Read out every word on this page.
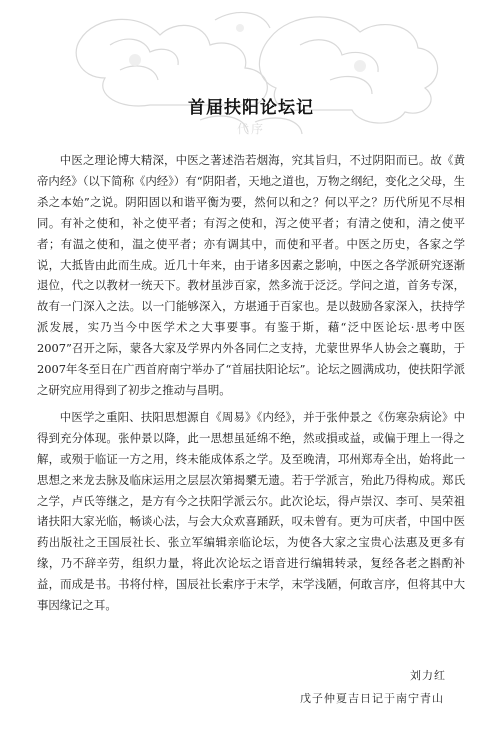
首届扶阳论坛记
代序

中医之理论博大精深，中医之著述浩若烟海，究其旨归，不过阴阳而已。故《黄帝内经》（以下简称《内经》）有“阴阳者，天地之道也，万物之纲纪，变化之父母，生杀之本始”之说。阴阳固以和谐平衡为要，然何以和之？何以平之？历代所见不尽相同。有补之使和，补之使平者；有泻之使和，泻之使平者；有清之使和，清之使平者；有温之使和，温之使平者；亦有调其中，而使和平者。中医之历史，各家之学说，大抵皆由此而生成。近几十年来，由于诸多因素之影响，中医之各学派研究逐渐退位，代之以教材一统天下。教材虽涉百家，然多流于泛泛。学问之道，首务专深，故有一门深入之法。以一门能够深入，方堪通于百家也。是以鼓励各家深入，扶持学派发展，实乃当今中医学术之大事要事。有鉴于斯，藉“泛中医论坛·思考中医2007”召开之际，蒙各大家及学界内外各同仁之支持，尤蒙世界华人协会之襄助，于2007年冬至日在广西首府南宁举办了“首届扶阳论坛”。论坛之圆满成功，使扶阳学派之研究应用得到了初步之推动与昌明。

中医学之重阳、扶阳思想源自《周易》《内经》，并于张仲景之《伤寒杂病论》中得到充分体现。张仲景以降，此一思想虽延绵不绝，然或損或益，或偏于理上一得之解，或殒于临证一方之用，终未能成体系之学。及至晚清，邛州郑寿全出，始将此一思想之来龙去脉及临床运用之层层次第揭櫫无遗。若于学派言，殆此乃得构成。郑氏之学，卢氏等继之，是方有今之扶阳学派云尔。此次论坛，得卢崇汉、李可、吴荣祖诸扶阳大家光临，畅谈心法，与会大众欢喜踊跃，叹未曾有。更为可庆者，中国中医药出版社之王国辰社长、张立军编辑亲临论坛，为使各大家之宝贵心法惠及更多有缘，乃不辞辛劳，组织力量，将此次论坛之语音进行编辑转录，复经各老之斟酌补益，而成是书。书将付梓，国辰社长索序于末学，末学浅陋，何敢言序，但将其中大事因缘记之耳。

刘力红
戊子仲夏吉日记于南宁青山
